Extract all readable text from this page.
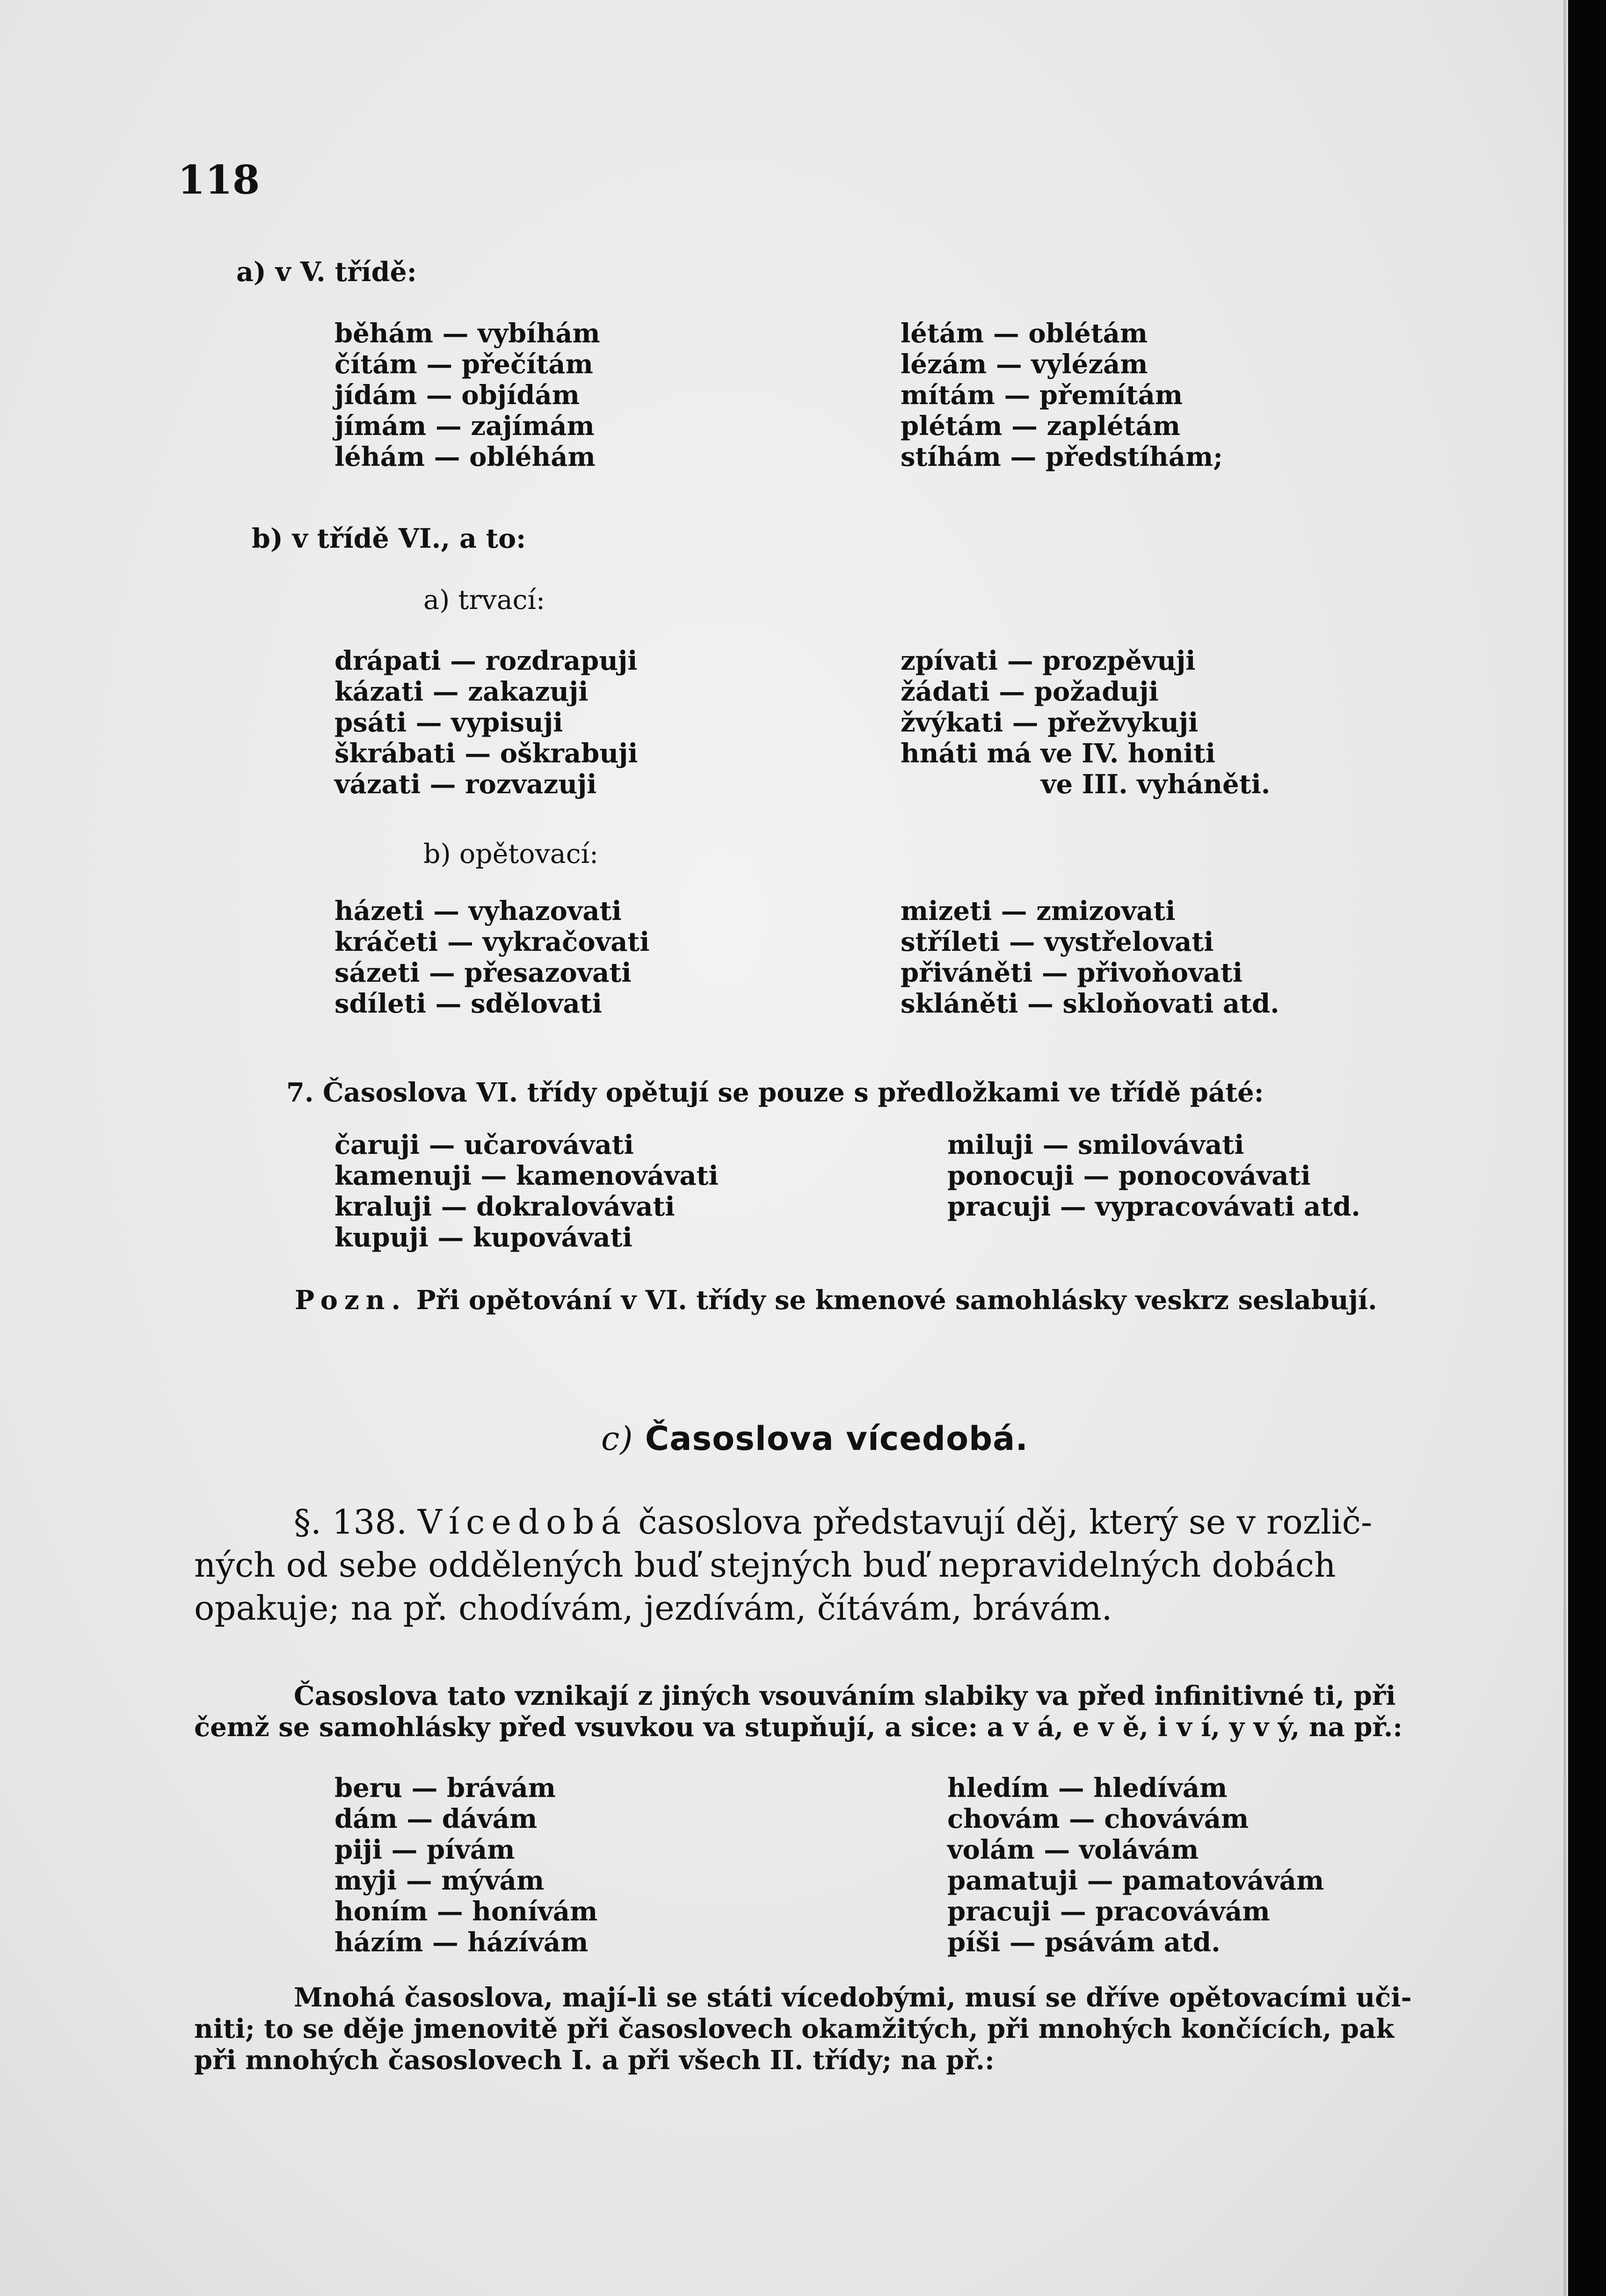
118
a) v V. třídě:
běhám — vybíhám
čítám — přečítám
jídám — objídám
jímám — zajímám
léhám — obléhám
létám — oblétám
lézám — vylézám
mítám — přemítám
plétám — zaplétám
stíhám — předstíhám;
b) v třídě VI., a to:
a) trvací:
drápati — rozdrapuji
kázati — zakazuji
psáti — vypisuji
škrábati — oškrabuji
vázati — rozvazuji
zpívati — prozpěvuji
žádati — požaduji
žvýkati — přežvykuji
hnáti má ve IV. honiti
ve III. vyháněti.
b) opětovací:
házeti — vyhazovati
kráčeti — vykračovati
sázeti — přesazovati
sdíleti — sdělovati
mizeti — zmizovati
stříleti — vystřelovati
přiváněti — přivoňovati
skláněti — skloňovati atd.
7. Časoslova VI. třídy opětují se pouze s předložkami ve třídě páté:
čaruji — učarovávati
kamenuji — kamenovávati
kraluji — dokralovávati
kupuji — kupovávati
miluji — smilovávati
ponocuji — ponocovávati
pracuji — vypracovávati atd.
Pozn. Při opětování v VI. třídy se kmenové samohlásky veskrz seslabují.
c) Časoslova vícedobá.
§. 138. Vícedobá časoslova představují děj, který se v rozlič-
ných od sebe oddělených buď stejných buď nepravidelných dobách
opakuje; na př. chodívám, jezdívám, čítávám, brávám.
Časoslova tato vznikají z jiných vsouváním slabiky va před infinitivné ti, při
čemž se samohlásky před vsuvkou va stupňují, a sice: a v á, e v ě, i v í, y v ý, na př.:
beru — brávám
dám — dávám
piji — pívám
myji — mývám
honím — honívám
házím — házívám
hledím — hledívám
chovám — chovávám
volám — volávám
pamatuji — pamatovávám
pracuji — pracovávám
píši — psávám atd.
Mnohá časoslova, mají-li se státi vícedobými, musí se dříve opětovacími uči-
niti; to se děje jmenovitě při časoslovech okamžitých, při mnohých končících, pak
při mnohých časoslovech I. a při všech II. třídy; na př.:
